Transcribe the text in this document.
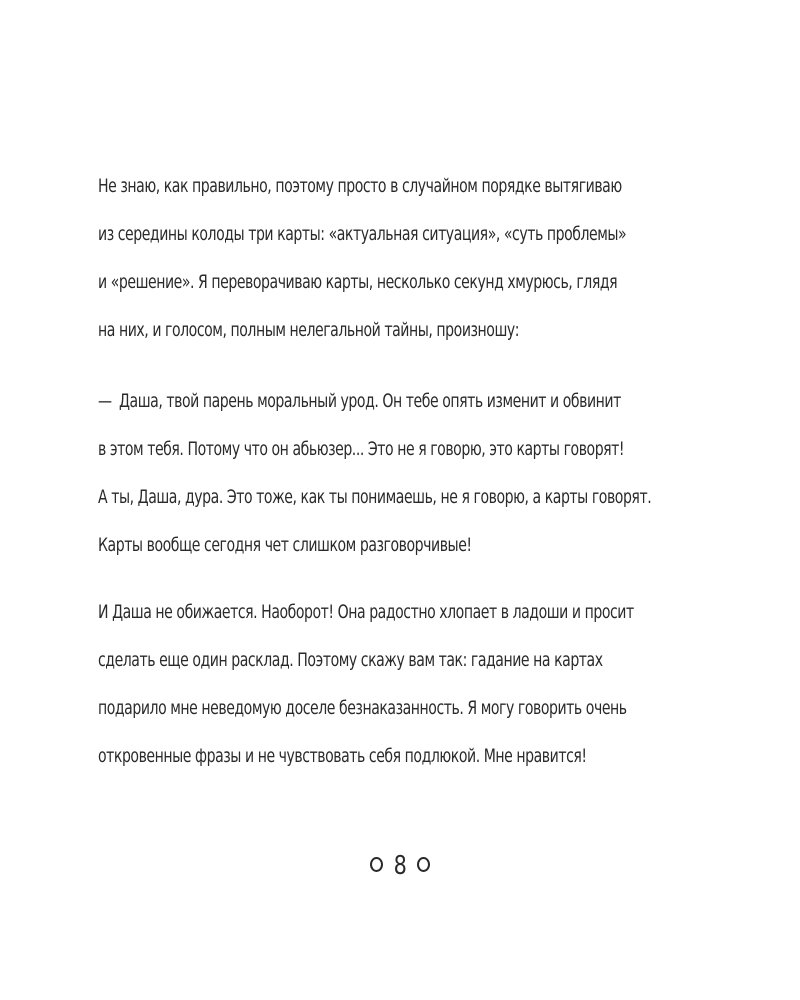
Не знаю, как правильно, поэтому просто в случайном порядке вытягиваю
из середины колоды три карты: «актуальная ситуация», «суть проблемы»
и «решение». Я переворачиваю карты, несколько секунд хмурюсь, глядя
на них, и голосом, полным нелегальной тайны, произношу:
— Даша, твой парень моральный урод. Он тебе опять изменит и обвинит
в этом тебя. Потому что он абьюзер... Это не я говорю, это карты говорят!
А ты, Даша, дура. Это тоже, как ты понимаешь, не я говорю, а карты говорят.
Карты вообще сегодня чет слишком разговорчивые!
И Даша не обижается. Наоборот! Она радостно хлопает в ладоши и просит
сделать еще один расклад. Поэтому скажу вам так: гадание на картах
подарило мне неведомую доселе безнаказанность. Я могу говорить очень
откровенные фразы и не чувствовать себя подлюкой. Мне нравится!
8
